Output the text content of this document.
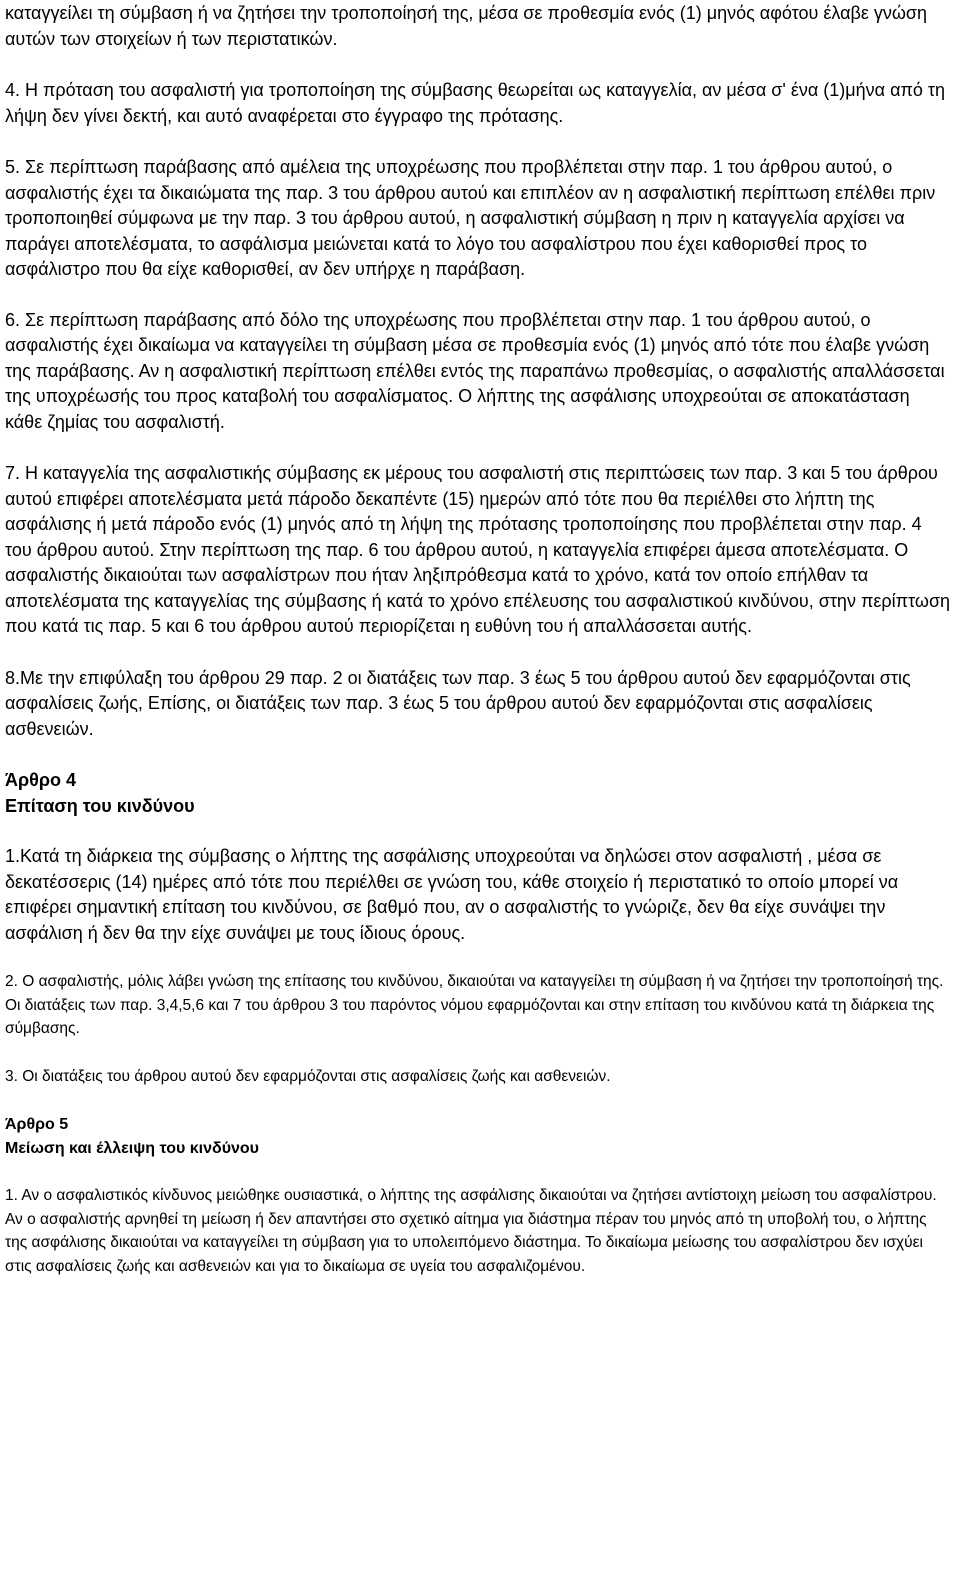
καταγγείλει τη σύμβαση ή να ζητήσει την τροποποίησή της, μέσα σε προθεσμία ενός (1) μηνός αφότου έλαβε γνώση αυτών των στοιχείων ή των περιστατικών.

4. Η πρόταση του ασφαλιστή για τροποποίηση της σύμβασης θεωρείται ως καταγγελία, αν μέσα σ' ένα (1)μήνα από τη λήψη δεν γίνει δεκτή, και αυτό αναφέρεται στο έγγραφο της πρότασης.

5. Σε περίπτωση παράβασης από αμέλεια της υποχρέωσης που προβλέπεται στην παρ. 1 του άρθρου αυτού, ο ασφαλιστής έχει τα δικαιώματα της παρ. 3 του άρθρου αυτού και επιπλέον αν η ασφαλιστική περίπτωση επέλθει πριν τροποποιηθεί σύμφωνα με την παρ. 3 του άρθρου αυτού, η ασφαλιστική σύμβαση η πριν η καταγγελία αρχίσει να παράγει αποτελέσματα, το ασφάλισμα μειώνεται κατά το λόγο του ασφαλίστρου που έχει καθορισθεί προς το ασφάλιστρο που θα είχε καθορισθεί, αν δεν υπήρχε η παράβαση.

6. Σε περίπτωση παράβασης από δόλο της υποχρέωσης που προβλέπεται στην παρ. 1 του άρθρου αυτού, ο ασφαλιστής έχει δικαίωμα να καταγγείλει τη σύμβαση μέσα σε προθεσμία ενός (1) μηνός από τότε που έλαβε γνώση της παράβασης. Αν η ασφαλιστική περίπτωση επέλθει εντός της παραπάνω προθεσμίας, ο ασφαλιστής απαλλάσσεται της υποχρέωσής του προς καταβολή του ασφαλίσματος. Ο λήπτης της ασφάλισης υποχρεούται σε αποκατάσταση κάθε ζημίας του ασφαλιστή.

7. Η καταγγελία της ασφαλιστικής σύμβασης εκ μέρους του ασφαλιστή στις περιπτώσεις των παρ. 3 και 5 του άρθρου αυτού επιφέρει αποτελέσματα μετά πάροδο δεκαπέντε (15) ημερών από τότε που θα περιέλθει στο λήπτη της ασφάλισης ή μετά πάροδο ενός (1) μηνός από τη λήψη της πρότασης τροποποίησης που προβλέπεται στην παρ. 4 του άρθρου αυτού. Στην περίπτωση της παρ. 6 του άρθρου αυτού, η καταγγελία επιφέρει άμεσα αποτελέσματα. Ο ασφαλιστής δικαιούται των ασφαλίστρων που ήταν ληξιπρόθεσμα κατά το χρόνο, κατά τον οποίο επήλθαν τα αποτελέσματα της καταγγελίας της σύμβασης ή κατά το χρόνο επέλευσης του ασφαλιστικού κινδύνου, στην περίπτωση που κατά τις παρ. 5 και 6 του άρθρου αυτού περιορίζεται η ευθύνη του ή απαλλάσσεται αυτής.

8.Με την επιφύλαξη του άρθρου 29 παρ. 2 οι διατάξεις των παρ. 3 έως 5 του άρθρου αυτού δεν εφαρμόζονται στις ασφαλίσεις ζωής, Επίσης, οι διατάξεις των παρ. 3 έως 5 του άρθρου αυτού δεν εφαρμόζονται στις ασφαλίσεις ασθενειών.

Άρθρο 4

Επίταση του κινδύνου

1.Κατά τη διάρκεια της σύμβασης ο λήπτης της ασφάλισης υποχρεούται να δηλώσει στον ασφαλιστή , μέσα σε δεκατέσσερις (14) ημέρες από τότε που περιέλθει σε γνώση του, κάθε στοιχείο ή περιστατικό το οποίο μπορεί να επιφέρει σημαντική επίταση του κινδύνου, σε βαθμό που, αν ο ασφαλιστής το γνώριζε, δεν θα είχε συνάψει την ασφάλιση ή δεν θα την είχε συνάψει με τους ίδιους όρους.

2. Ο ασφαλιστής, μόλις λάβει γνώση της επίτασης του κινδύνου, δικαιούται να καταγγείλει τη σύμβαση ή να ζητήσει την τροποποίησή της. Οι διατάξεις των παρ. 3,4,5,6 και 7 του άρθρου 3 του παρόντος νόμου εφαρμόζονται και στην επίταση του κινδύνου κατά τη διάρκεια της σύμβασης.

3. Οι διατάξεις του άρθρου αυτού δεν εφαρμόζονται στις ασφαλίσεις ζωής και ασθενειών.

Άρθρο 5

Μείωση και έλλειψη του κινδύνου

1. Αν ο ασφαλιστικός κίνδυνος μειώθηκε ουσιαστικά, ο λήπτης της ασφάλισης δικαιούται να ζητήσει αντίστοιχη μείωση του ασφαλίστρου. Αν ο ασφαλιστής αρνηθεί τη μείωση ή δεν απαντήσει στο σχετικό αίτημα για διάστημα πέραν του μηνός από τη υποβολή του, ο λήπτης της ασφάλισης δικαιούται να καταγγείλει τη σύμβαση για το υπολειπόμενο διάστημα. Το δικαίωμα μείωσης του ασφαλίστρου δεν ισχύει στις ασφαλίσεις ζωής και ασθενειών και για το δικαίωμα σε υγεία του ασφαλιζομένου.
